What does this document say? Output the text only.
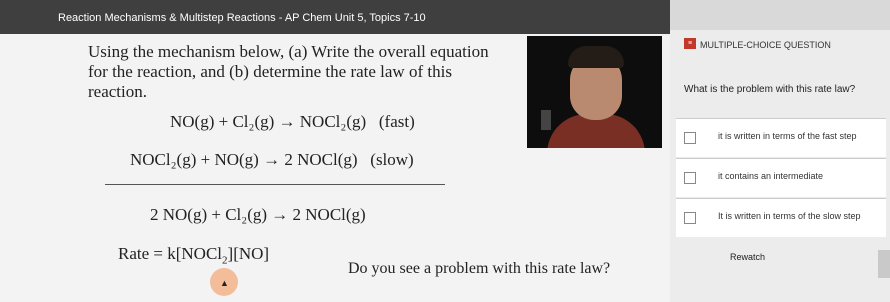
Reaction Mechanisms & Multistep Reactions - AP Chem Unit 5, Topics 7-10
Using the mechanism below, (a) Write the overall equation for the reaction, and (b) determine the rate law of this reaction.
NO(g) + Cl₂(g) → NOCl₂(g) (fast)
NOCl₂(g) + NO(g) → 2 NOCl(g) (slow)
2 NO(g) + Cl₂(g) → 2 NOCl(g)
Rate = k[NOCl$_2$][NO]
Do you see a problem with this rate law?
▲
≡ MULTIPLE-CHOICE QUESTION
What is the problem with this rate law?
it is written in terms of the fast step
it contains an intermediate
It is written in terms of the slow step
Rewatch
